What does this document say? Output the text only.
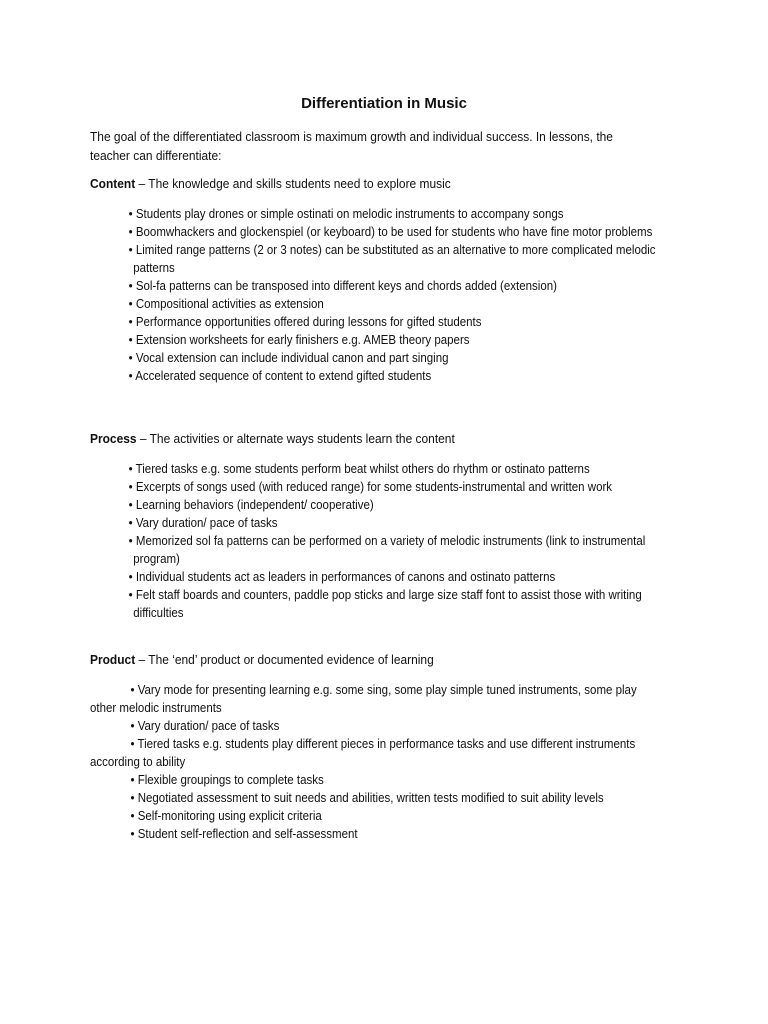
Differentiation in Music
The goal of the differentiated classroom is maximum growth and individual success. In lessons, the teacher can differentiate:
Content – The knowledge and skills students need to explore music
• Students play drones or simple ostinati on melodic instruments to accompany songs
• Boomwhackers and glockenspiel (or keyboard) to be used for students who have fine motor problems
• Limited range patterns (2 or 3 notes) can be substituted as an alternative to more complicated melodic patterns
• Sol-fa patterns can be transposed into different keys and chords added (extension)
• Compositional activities as extension
• Performance opportunities offered during lessons for gifted students
• Extension worksheets for early finishers e.g. AMEB theory papers
• Vocal extension can include individual canon and part singing
• Accelerated sequence of content to extend gifted students
Process – The activities or alternate ways students learn the content
• Tiered tasks e.g. some students perform beat whilst others do rhythm or ostinato patterns
• Excerpts of songs used (with reduced range) for some students-instrumental and written work
• Learning behaviors (independent/ cooperative)
• Vary duration/ pace of tasks
• Memorized sol fa patterns can be performed on a variety of melodic instruments (link to instrumental program)
• Individual students act as leaders in performances of canons and ostinato patterns
• Felt staff boards and counters, paddle pop sticks and large size staff font to assist those with writing difficulties
Product – The ‘end’ product or documented evidence of learning
• Vary mode for presenting learning e.g. some sing, some play simple tuned instruments, some play other melodic instruments
• Vary duration/ pace of tasks
• Tiered tasks e.g. students play different pieces in performance tasks and use different instruments according to ability
• Flexible groupings to complete tasks
• Negotiated assessment to suit needs and abilities, written tests modified to suit ability levels
• Self-monitoring using explicit criteria
• Student self-reflection and self-assessment
